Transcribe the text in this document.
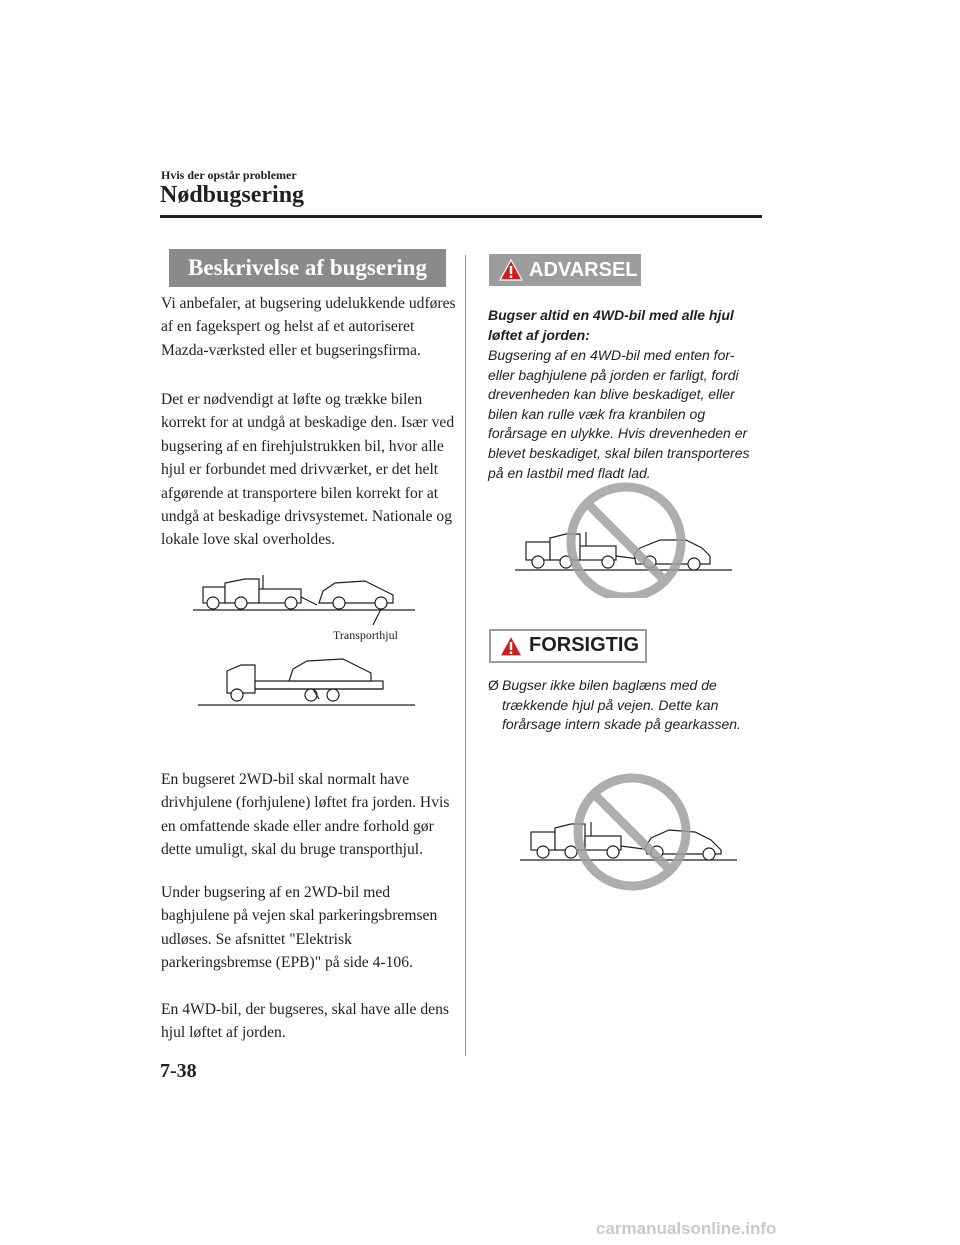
Hvis der opstår problemer
Nødbugsering
Beskrivelse af bugsering

Vi anbefaler, at bugsering udelukkende udføres af en fagekspert og helst af et autoriseret Mazda-værksted eller et bugseringsfirma.

Det er nødvendigt at løfte og trække bilen korrekt for at undgå at beskadige den. Især ved bugsering af en firehjulstrukken bil, hvor alle hjul er forbundet med drivværket, er det helt afgørende at transportere bilen korrekt for at undgå at beskadige drivsystemet. Nationale og lokale love skal overholdes.

Transporthjul

En bugseret 2WD-bil skal normalt have drivhjulene (forhjulene) løftet fra jorden. Hvis en omfattende skade eller andre forhold gør dette umuligt, skal du bruge transporthjul.

Under bugsering af en 2WD-bil med baghjulene på vejen skal parkeringsbremsen udløses. Se afsnittet "Elektrisk parkeringsbremse (EPB)" på side 4-106.

En 4WD-bil, der bugseres, skal have alle dens hjul løftet af jorden.

ADVARSEL
Bugser altid en 4WD-bil med alle hjul løftet af jorden:
Bugsering af en 4WD-bil med enten for- eller baghjulene på jorden er farligt, fordi drevenheden kan blive beskadiget, eller bilen kan rulle væk fra kranbilen og forårsage en ulykke. Hvis drevenheden er blevet beskadiget, skal bilen transporteres på en lastbil med fladt lad.
FORSIGTIG
Ø Bugser ikke bilen baglæns med de trækkende hjul på vejen. Dette kan forårsage intern skade på gearkassen.
7-38
carmanualsonline.info
